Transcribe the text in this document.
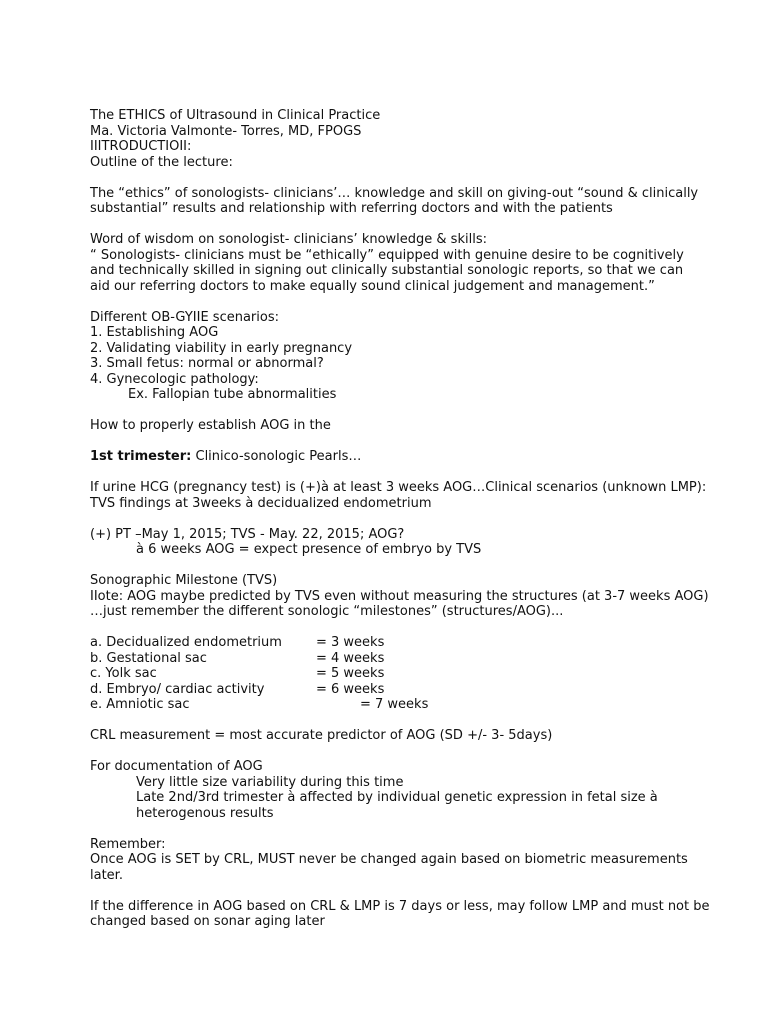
The ETHICS of Ultrasound in Clinical Practice
Ma. Victoria Valmonte- Torres, MD, FPOGS
IIITRODUCTIOII:
Outline of the lecture:
The “ethics” of sonologists- clinicians’… knowledge and skill on giving-out “sound & clinically
substantial” results and relationship with referring doctors and with the patients
Word of wisdom on sonologist- clinicians’ knowledge & skills:
“ Sonologists- clinicians must be “ethically” equipped with genuine desire to be cognitively
and technically skilled in signing out clinically substantial sonologic reports, so that we can
aid our referring doctors to make equally sound clinical judgement and management.”
Different OB-GYIIE scenarios:
1. Establishing AOG
2. Validating viability in early pregnancy
3. Small fetus: normal or abnormal?
4. Gynecologic pathology:
Ex. Fallopian tube abnormalities
How to properly establish AOG in the
1st trimester: Clinico-sonologic Pearls…
If urine HCG (pregnancy test) is (+)à at least 3 weeks AOG…Clinical scenarios (unknown LMP):
TVS findings at 3weeks à decidualized endometrium
(+) PT –May 1, 2015; TVS - May. 22, 2015; AOG?
à 6 weeks AOG = expect presence of embryo by TVS
Sonographic Milestone (TVS)
IIote: AOG maybe predicted by TVS even without measuring the structures (at 3-7 weeks AOG)
…just remember the different sonologic “milestones” (structures/AOG)...
a. Decidualized endometrium	= 3 weeks
b. Gestational sac	= 4 weeks
c. Yolk sac	= 5 weeks
d. Embryo/ cardiac activity	= 6 weeks
e. Amniotic sac	= 7 weeks
CRL measurement = most accurate predictor of AOG (SD +/- 3- 5days)
For documentation of AOG
Very little size variability during this time
Late 2nd/3rd trimester à affected by individual genetic expression in fetal size à
heterogenous results
Remember:
Once AOG is SET by CRL, MUST never be changed again based on biometric measurements
later.
If the difference in AOG based on CRL & LMP is 7 days or less, may follow LMP and must not be
changed based on sonar aging later
